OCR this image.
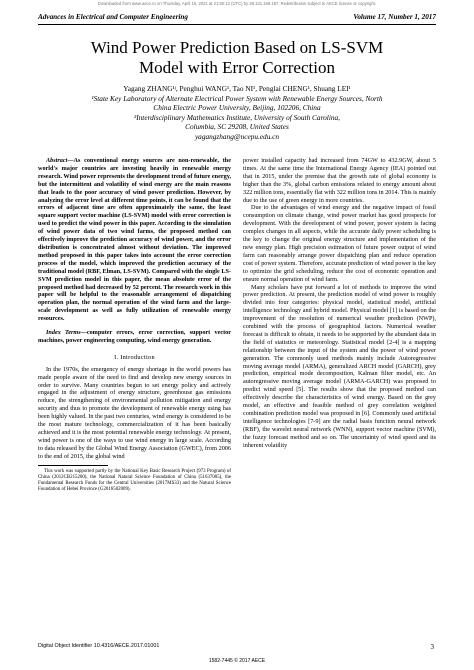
Downloaded from www.aece.ro on Thursday, April 15, 2021 at 21:50:12 (UTC) by 38.131.159.187. Redistribution subject to AECE license or copyright.
Advances in Electrical and Computer Engineering	Volume 17, Number 1, 2017
Wind Power Prediction Based on LS-SVM
Model with Error Correction
Yagang ZHANG¹ʲ, Penghui WANG¹, Tao NI¹, Penglai CHENG¹, Shuang LEI¹
¹State Key Laboratory of Alternate Electrical Power System with Renewable Energy Sources, North
China Electric Power University, Beijing, 102206, China
²Interdisciplinary Mathematics Institute, University of South Carolina,
Columbia, SC 29208, United States
yagangzhang@ncepu.edu.cn

Abstract—As conventional energy sources are non-renewable, the world's major countries are investing heavily in renewable energy research. Wind power represents the development trend of future energy, but the intermittent and volatility of wind energy are the main reasons that leads to the poor accuracy of wind power prediction. However, by analyzing the error level at different time points, it can be found that the errors of adjacent time are often approximately the same, the least square support vector machine (LS-SVM) model with error correction is used to predict the wind power in this paper. According to the simulation of wind power data of two wind farms, the proposed method can effectively improve the prediction accuracy of wind power, and the error distribution is concentrated almost without deviation. The improved method proposed in this paper takes into account the error correction process of the model, which improved the prediction accuracy of the traditional model (RBF, Elman, LS-SVM). Compared with the single LS-SVM prediction model in this paper, the mean absolute error of the proposed method had decreased by 52 percent. The research work in this paper will be helpful to the reasonable arrangement of dispatching operation plan, the normal operation of the wind farm and the large-scale development as well as fully utilization of renewable energy resources.

Index Terms—computer errors, error correction, support vector machines, power engineering computing, wind energy generation.

I. Introduction

In the 1970s, the emergency of energy shortage in the world powers has made people aware of the need to find and develop new energy sources in order to survive. Many countries begun to set energy policy and actively engaged in the adjustment of energy structure, greenhouse gas emissions reduce, the strengthening of environmental pollution mitigation and energy security and thus to promote the development of renewable energy using has been highly valued. In the past two centuries, wind energy is considered to be the most mature technology, commercialization of it has been basically achieved and it is the most potential renewable energy technology. At present, wind power is one of the ways to use wind energy in large scale. According to data released by the Global Wind Energy Association (GWEC), from 2006 to the end of 2015, the global wind

This work was supported partly by the National Key Basic Research Project (973 Program) of China (2012CB215200), the National Natural Science Foundation of China (51637005), the Fundamental Research Funds for the Central Universities (2017MS33) and the Natural Science Foundation of Hebei Province (G2016502009).

power installed capacity had increased from 74GW to 432.9GW, about 5 times. At the same time the International Energy Agency (IEA) pointed out that in 2015, under the premise that the growth rate of global economy is higher than the 3%, global carbon emissions related to energy amount about 322 million tons, essentially flat with 322 million tons in 2014. This is mainly due to the use of green energy in more countries.

Due to the advantages of wind energy and the negative impact of fossil consumption on climate change, wind power market has good prospects for development. With the development of wind power, power system is facing complex changes in all aspects, while the accurate daily power scheduling is the key to change the original energy structure and implementation of the new energy plan. High precision estimation of future power output of wind farm can reasonably arrange power dispatching plan and reduce operation cost of power system. Therefore, accurate prediction of wind power is the key to optimize the grid scheduling, reduce the cost of economic operation and ensure normal operation of wind farm.

Many scholars have put forward a lot of methods to improve the wind power prediction. At present, the prediction model of wind power is roughly divided into four categories: physical model, statistical model, artificial intelligence technology and hybrid model. Physical model [1] is based on the improvement of the resolution of numerical weather prediction (NWP), combined with the process of geographical factors. Numerical weather forecast is difficult to obtain, it needs to be supported by the abundant data in the field of statistics or meteorology. Statistical model [2-4] is a mapping relationship between the input of the system and the power of wind power generation. The commonly used methods mainly include Autoregressive moving average model (ARMA), generalized ARCH model (GARCH), grey prediction, empirical mode decomposition, Kalman filter model, etc. An autoregressive moving average model (ARMA-GARCH) was proposed to predict wind speed [5]. The results show that the proposed method can effectively describe the characteristics of wind energy. Based on the grey model, an effective and feasible method of grey correlation weighted combination prediction model was proposed in [6]. Commonly used artificial intelligence technologies [7-9] are the radial basis function neural network (RBF), the wavelet neural network (WNN), support vector machine (SVM), the fuzzy forecast method and so on. The uncertainty of wind speed and its inherent volatility

Digital Object Identifier 10.4316/AECE.2017.01001	3
1582-7445 © 2017 AECE
